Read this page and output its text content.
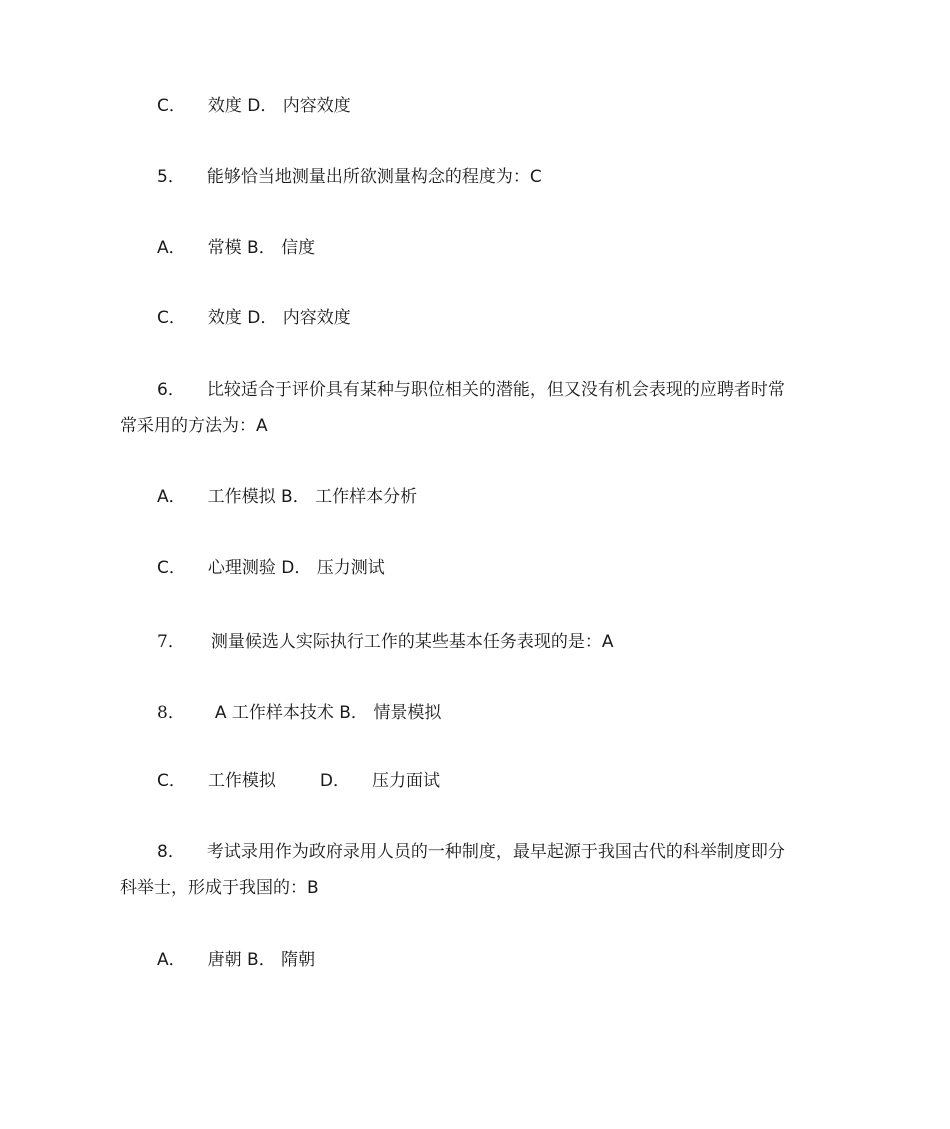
C． 效度 D． 内容效度
5． 能够恰当地测量出所欲测量构念的程度为：C
A． 常模 B． 信度
C． 效度 D． 内容效度
6． 比较适合于评价具有某种与职位相关的潜能，但又没有机会表现的应聘者时常
常采用的方法为：A
A． 工作模拟 B． 工作样本分析
C． 心理测验 D． 压力测试
7． 测量候选人实际执行工作的某些基本任务表现的是：A
8． A 工作样本技术 B． 情景模拟
C． 工作模拟	D． 压力面试
8． 考试录用作为政府录用人员的一种制度，最早起源于我国古代的科举制度即分
科举士，形成于我国的：B
A． 唐朝 B． 隋朝
